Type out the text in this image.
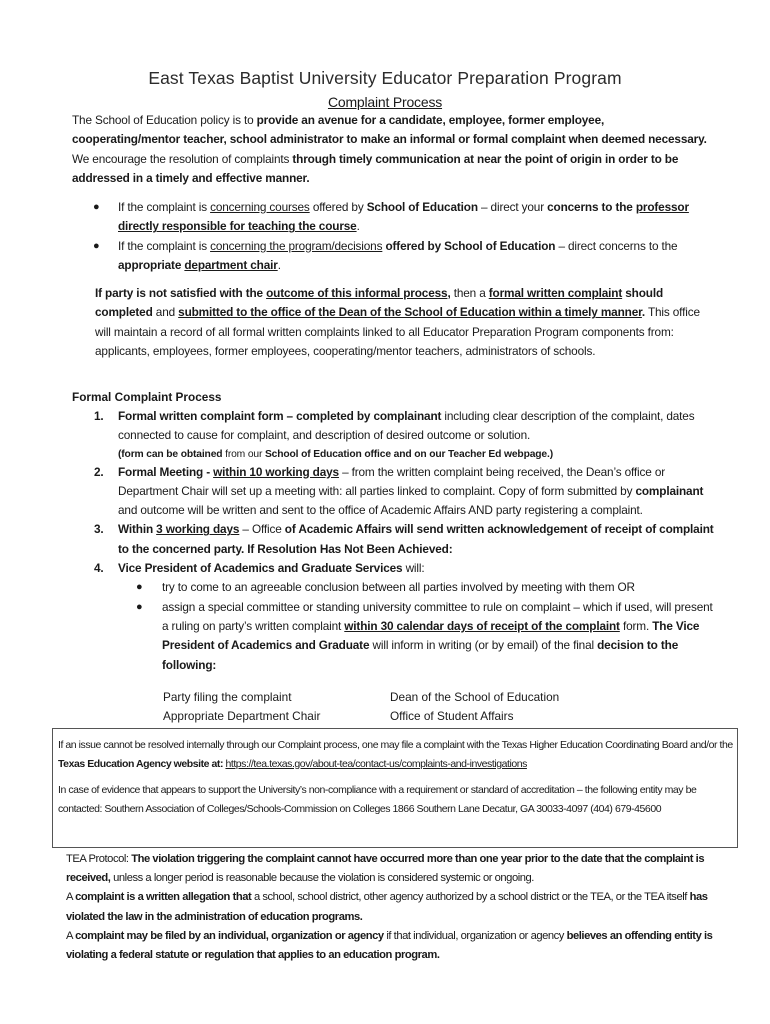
East Texas Baptist University Educator Preparation Program
Complaint Process
The School of Education policy is to provide an avenue for a candidate, employee, former employee, cooperating/mentor teacher, school administrator to make an informal or formal complaint when deemed necessary. We encourage the resolution of complaints through timely communication at near the point of origin in order to be addressed in a timely and effective manner.
● If the complaint is concerning courses offered by School of Education – direct your concerns to the professor directly responsible for teaching the course.
● If the complaint is concerning the program/decisions offered by School of Education – direct concerns to the appropriate department chair.
If party is not satisfied with the outcome of this informal process, then a formal written complaint should completed and submitted to the office of the Dean of the School of Education within a timely manner. This office will maintain a record of all formal written complaints linked to all Educator Preparation Program components from: applicants, employees, former employees, cooperating/mentor teachers, administrators of schools.
Formal Complaint Process
1. Formal written complaint form – completed by complainant including clear description of the complaint, dates connected to cause for complaint, and description of desired outcome or solution.
(form can be obtained from our School of Education office and on our Teacher Ed webpage.)
2. Formal Meeting - within 10 working days – from the written complaint being received, the Dean’s office or Department Chair will set up a meeting with: all parties linked to complaint. Copy of form submitted by complainant and outcome will be written and sent to the office of Academic Affairs AND party registering a complaint.
3. Within 3 working days – Office of Academic Affairs will send written acknowledgement of receipt of complaint to the concerned party. If Resolution Has Not Been Achieved:
4. Vice President of Academics and Graduate Services will:
● try to come to an agreeable conclusion between all parties involved by meeting with them OR
● assign a special committee or standing university committee to rule on complaint – which if used, will present a ruling on party’s written complaint within 30 calendar days of receipt of the complaint form. The Vice President of Academics and Graduate will inform in writing (or by email) of the final decision to the following:
Party filing the complaint	Dean of the School of Education
Appropriate Department Chair	Office of Student Affairs
If an issue cannot be resolved internally through our Complaint process, one may file a complaint with the Texas Higher Education Coordinating Board and/or the Texas Education Agency website at: https://tea.texas.gov/about-tea/contact-us/complaints-and-investigations
In case of evidence that appears to support the University’s non-compliance with a requirement or standard of accreditation – the following entity may be contacted: Southern Association of Colleges/Schools-Commission on Colleges 1866 Southern Lane Decatur, GA 30033-4097 (404) 679-45600
TEA Protocol: The violation triggering the complaint cannot have occurred more than one year prior to the date that the complaint is received, unless a longer period is reasonable because the violation is considered systemic or ongoing.
A complaint is a written allegation that a school, school district, other agency authorized by a school district or the TEA, or the TEA itself has violated the law in the administration of education programs.
A complaint may be filed by an individual, organization or agency if that individual, organization or agency believes an offending entity is violating a federal statute or regulation that applies to an education program.
